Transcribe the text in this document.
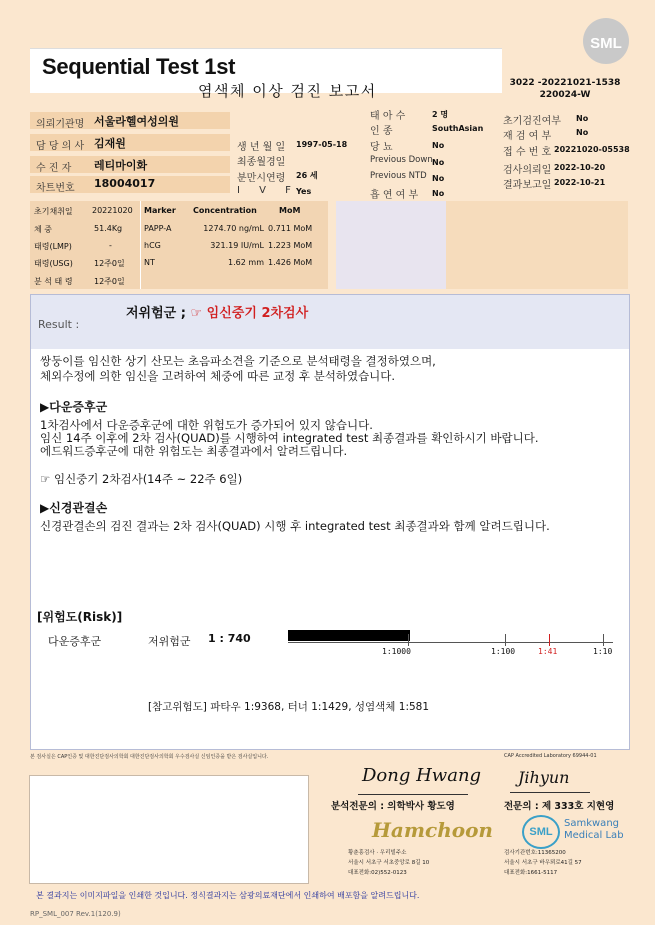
SML
Sequential Test 1st
염색체 이상 검진 보고서	3022 -20221021-1538
220024-W
의뢰기관명 서울라헬여성의원
담 당 의 사 김재원
수 진 자 레티마이화
차트번호 18004017
생 년 월 일 1997-05-18
최종월경일
분만시연령 26 세
I V F
Yes
태 아 수	2 명
인 종	SouthAsian
당 뇨	No
Previous Down No
Previous NTD No
흡 연 여 부 No
초기검진여부 No
재 검 여 부	No
접 수 번 호 20221020-05538
검사의뢰일 2022-10-20
결과보고일 2022-10-21
초기채취일 20221020
체 중	51.4Kg
태령(LMP)	-
태령(USG)	12주0일
분 석 태 령	12주0일
Marker Concentration	MoM
PAPP-A	1274.70 ng/mL 0.711 MoM
hCG	321.19 IU/mL 1.223 MoM
NT	1.62 mm 1.426 MoM
Result :
저위험군 ; ☞ 임신중기 2차검사
쌍둥이를 임신한 상기 산모는 초음파소견을 기준으로 분석태령을 결정하였으며,
체외수정에 의한 임신을 고려하여 체중에 따른 교정 후 분석하였습니다.
▶다운증후군
1차검사에서 다운증후군에 대한 위험도가 증가되어 있지 않습니다.
임신 14주 이후에 2차 검사(QUAD)를 시행하여 integrated test 최종결과를 확인하시기 바랍니다.
에드워드증후군에 대한 위험도는 최종결과에서 알려드립니다.
☞ 임신중기 2차검사(14주 ~ 22주 6일)
▶신경관결손
신경관결손의 검진 결과는 2차 검사(QUAD) 시행 후 integrated test 최종결과와 함께 알려드립니다.
[위험도(Risk)]
다운증후군	저위험군 1 : 740
1:1000	1:100	1:41	1:10
[참고위험도] 파타우 1:9368, 터너 1:1429, 성염색체 1:581
본 검사실은 CAP인증 및 대한진단검사의학회 대한진단검사의학회 우수검사실 신임인증을 받은 검사실입니다.	CAP Accredited Laboratory 69944-01
Dong Hwang
분석전문의 : 의학박사 황도영
Hamchoon
황춘흥검사 · 우리빌주소
서울시 서초구 서초중앙로 8길 10
대표전화:02)552-0123
Jihyun
전문의 : 제 333호 지현영
SML
Samkwang
Medical Lab
검사기관번호:11365200
서울시 서초구 바우뫼로41길 57
대표전화:1661-5117
본 결과지는 이미지파일을 인쇄한 것입니다. 정식결과지는 삼광의료재단에서 인쇄하여 배포함을 알려드립니다.
RP_SML_007 Rev.1(120.9)
